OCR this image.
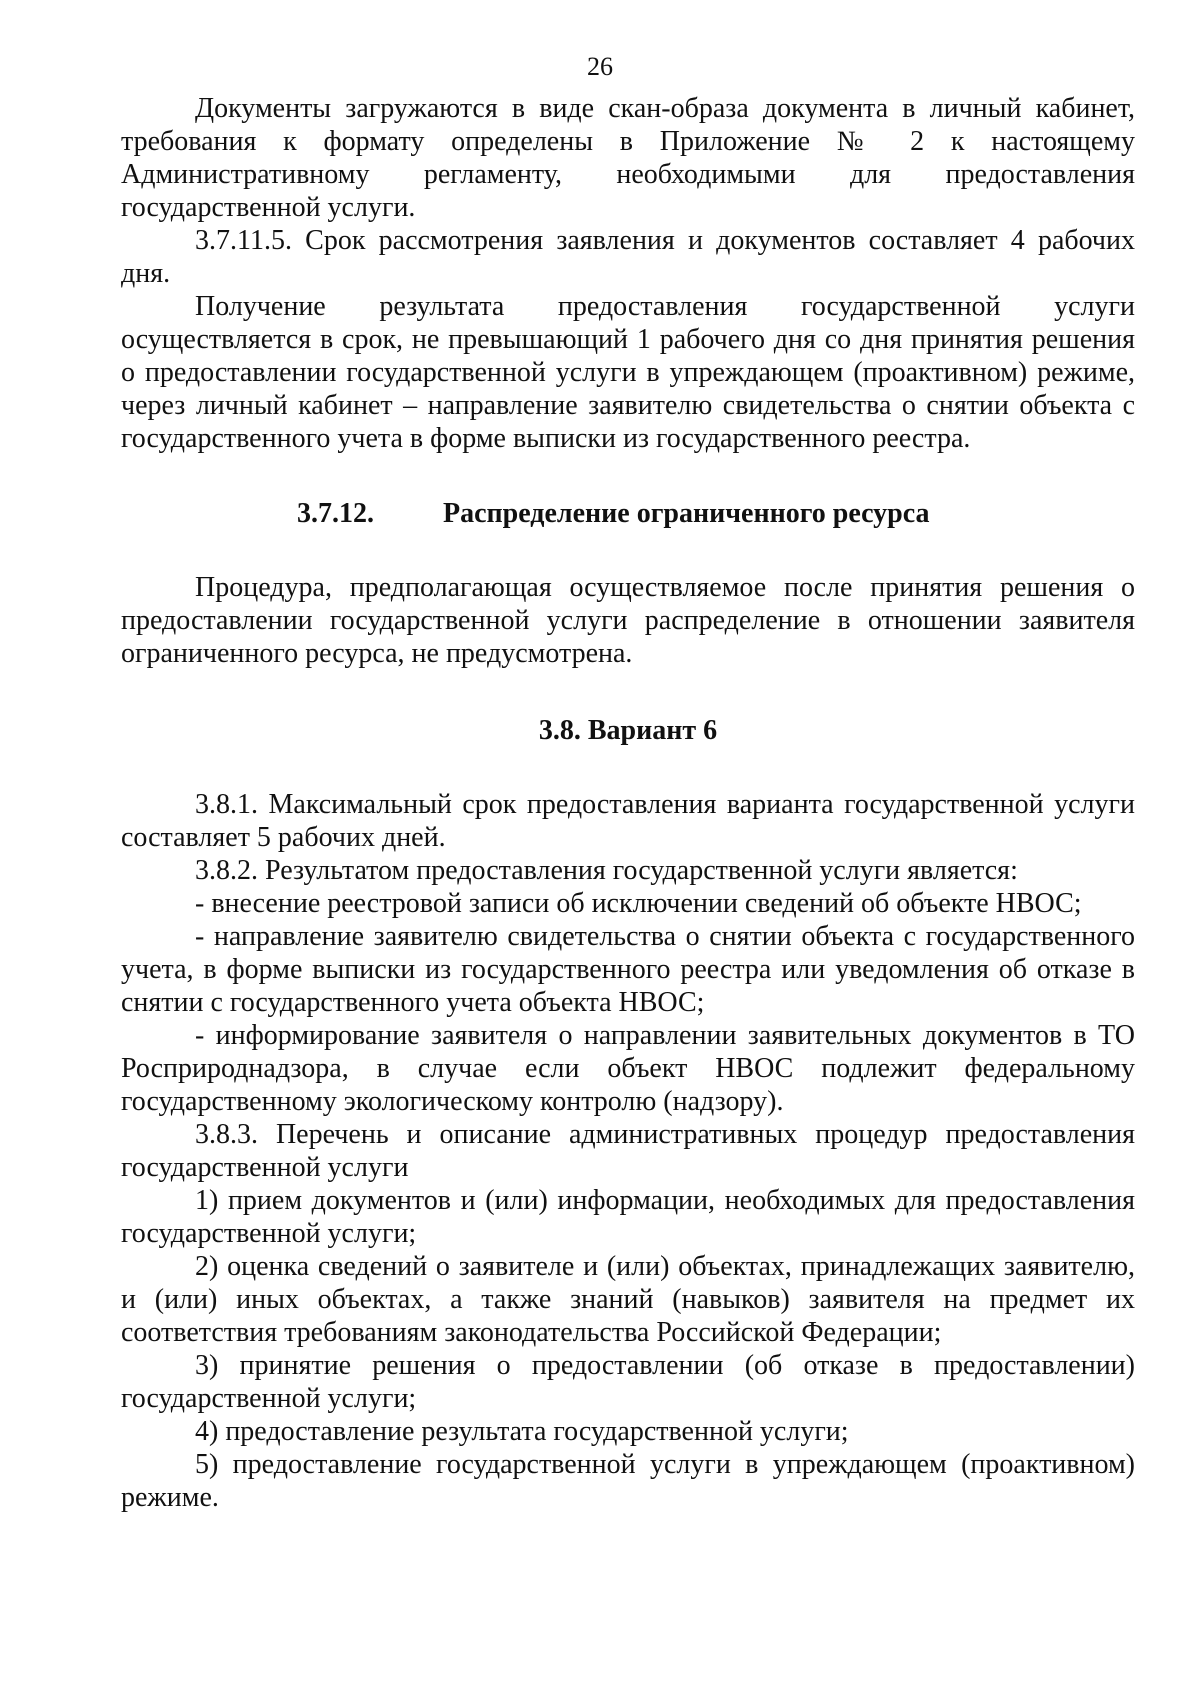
26

Документы загружаются в виде скан-образа документа в личный кабинет, требования к формату определены в Приложение № 2 к настоящему Административному регламенту, необходимыми для предоставления государственной услуги.

3.7.11.5. Срок рассмотрения заявления и документов составляет 4 рабочих дня.

Получение результата предоставления государственной услуги осуществляется в срок, не превышающий 1 рабочего дня со дня принятия решения о предоставлении государственной услуги в упреждающем (проактивном) режиме, через личный кабинет – направление заявителю свидетельства о снятии объекта с государственного учета в форме выписки из государственного реестра.

3.7.12. Распределение ограниченного ресурса

Процедура, предполагающая осуществляемое после принятия решения о предоставлении государственной услуги распределение в отношении заявителя ограниченного ресурса, не предусмотрена.

3.8. Вариант 6

3.8.1. Максимальный срок предоставления варианта государственной услуги составляет 5 рабочих дней.

3.8.2. Результатом предоставления государственной услуги является:

- внесение реестровой записи об исключении сведений об объекте НВОС;

- направление заявителю свидетельства о снятии объекта с государственного учета, в форме выписки из государственного реестра или уведомления об отказе в снятии с государственного учета объекта НВОС;

- информирование заявителя о направлении заявительных документов в ТО Росприроднадзора, в случае если объект НВОС подлежит федеральному государственному экологическому контролю (надзору).

3.8.3. Перечень и описание административных процедур предоставления государственной услуги

1) прием документов и (или) информации, необходимых для предоставления государственной услуги;

2) оценка сведений о заявителе и (или) объектах, принадлежащих заявителю, и (или) иных объектах, а также знаний (навыков) заявителя на предмет их соответствия требованиям законодательства Российской Федерации;

3) принятие решения о предоставлении (об отказе в предоставлении) государственной услуги;

4) предоставление результата государственной услуги;

5) предоставление государственной услуги в упреждающем (проактивном) режиме.
